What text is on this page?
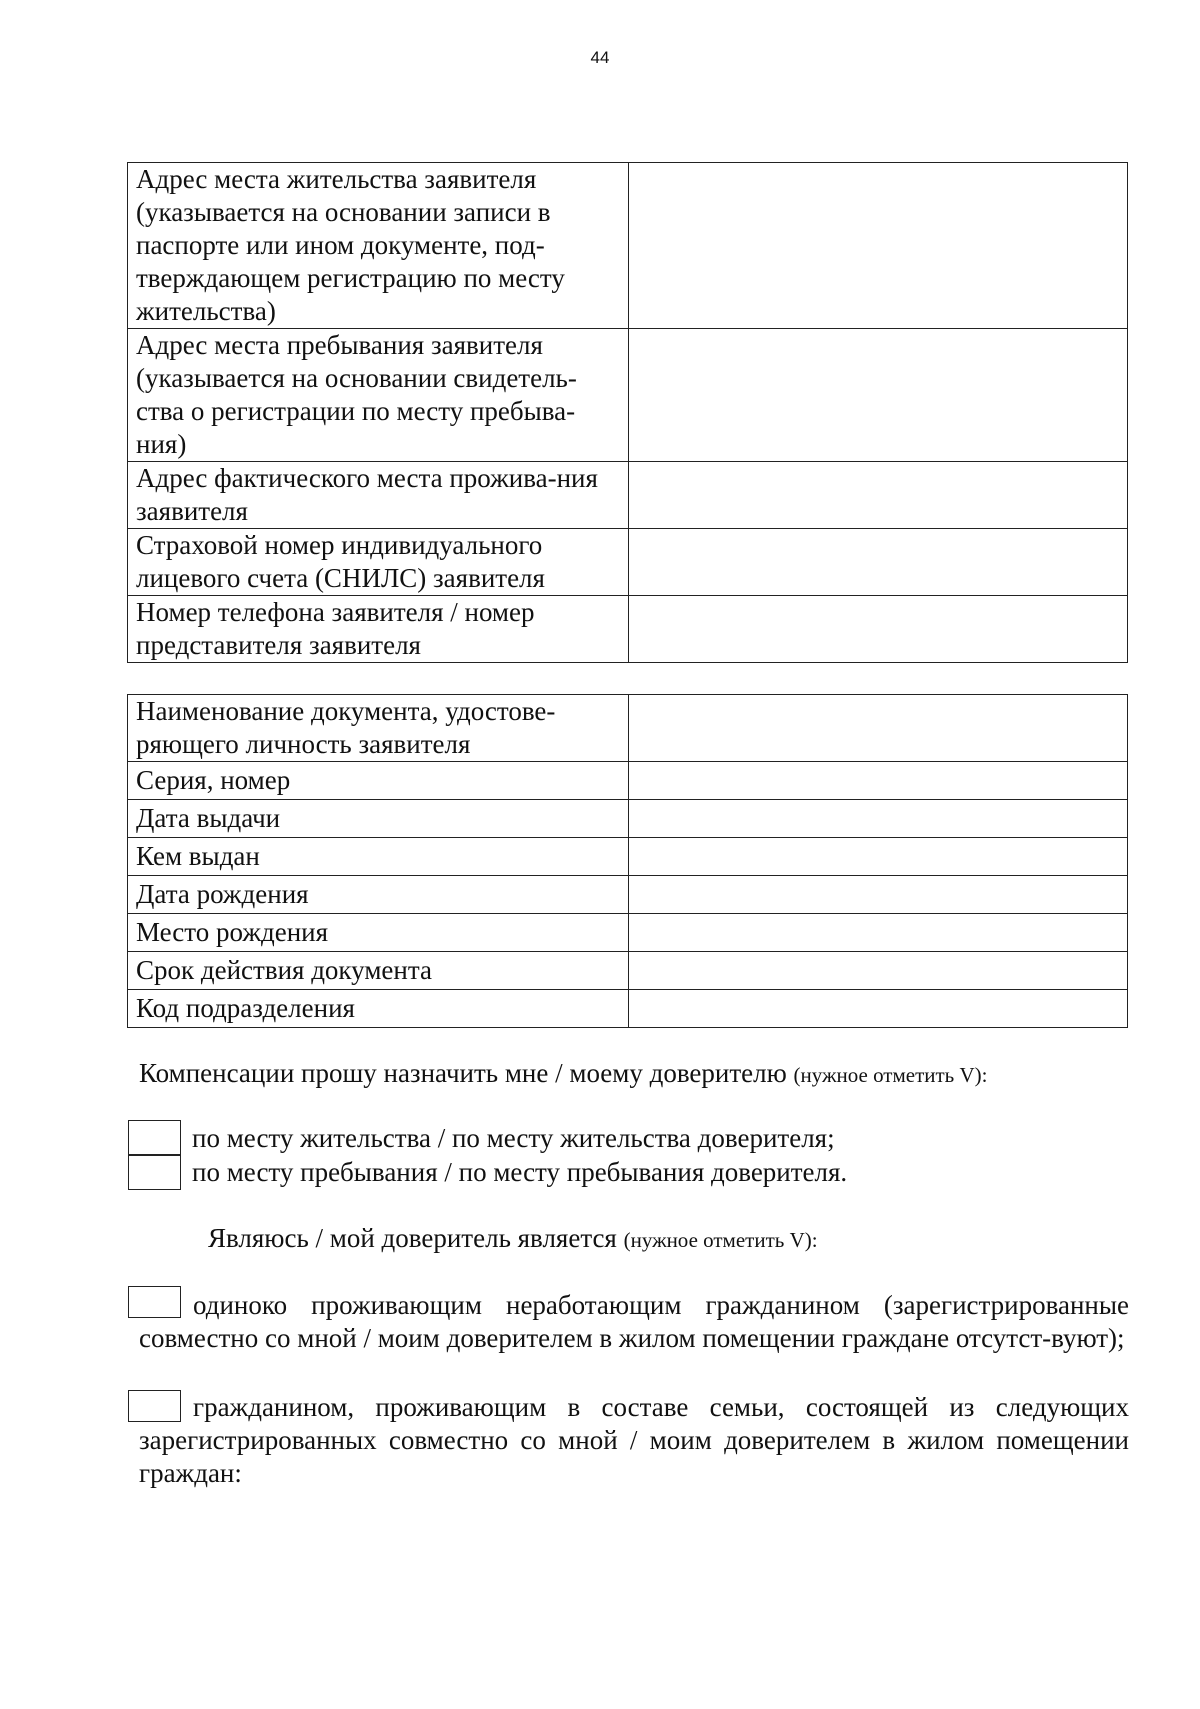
44
Адрес места жительства заявителя (указывается на основании записи в паспорте или ином документе, под-тверждающем регистрацию по месту жительства)	
Адрес места пребывания заявителя (указывается на основании свидетель-ства о регистрации по месту пребыва-ния)	
Адрес фактического места прожива-ния заявителя	
Страховой номер индивидуального лицевого счета (СНИЛС) заявителя	
Номер телефона заявителя / номер представителя заявителя	
Наименование документа, удостове-ряющего личность заявителя	
Серия, номер	
Дата выдачи	
Кем выдан	
Дата рождения	
Место рождения	
Срок действия документа	
Код подразделения	
Компенсации прошу назначить мне / моему доверителю (нужное отметить V):
по месту жительства / по месту жительства доверителя;
по месту пребывания / по месту пребывания доверителя.
Являюсь / мой доверитель является (нужное отметить V):
одиноко проживающим неработающим гражданином (зарегистрированные совместно со мной / моим доверителем в жилом помещении граждане отсутст-вуют);
гражданином, проживающим в составе семьи, состоящей из следующих зарегистрированных совместно со мной / моим доверителем в жилом помещении граждан:
